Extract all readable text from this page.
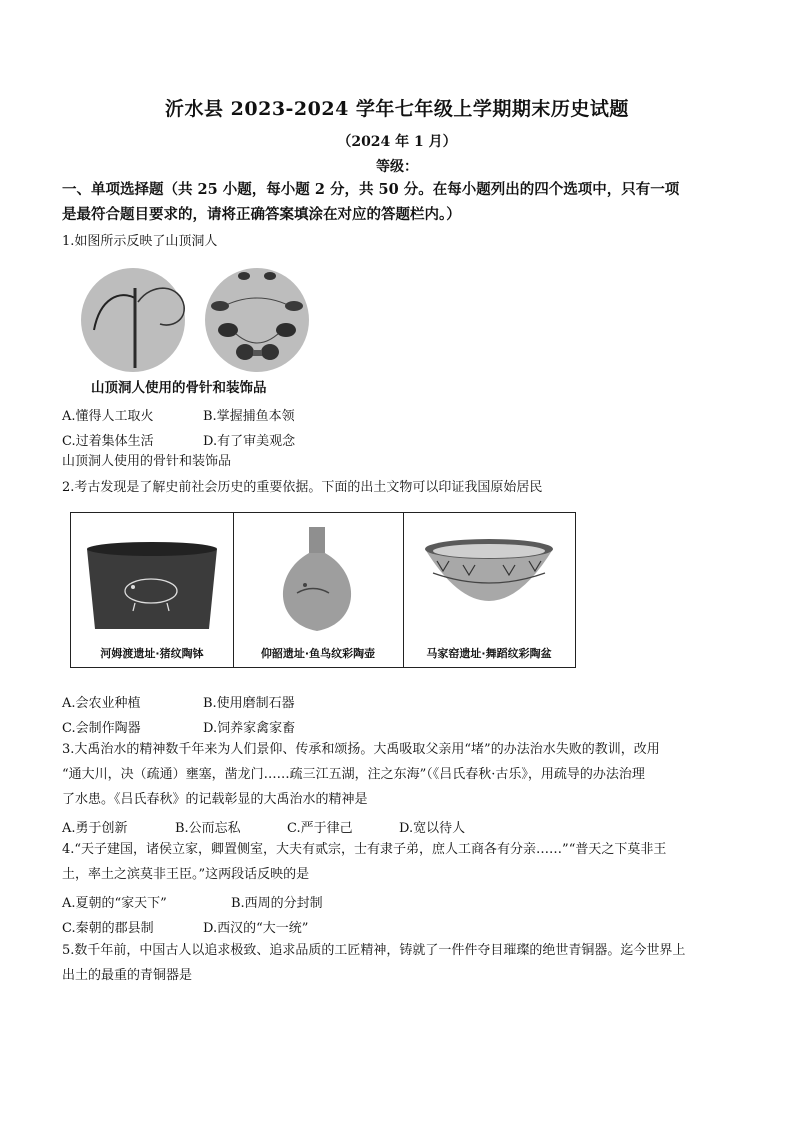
沂水县 2023-2024 学年七年级上学期期末历史试题
（2024 年 1 月）
等级：
一、单项选择题（共 25 小题，每小题 2 分，共 50 分。在每小题列出的四个选项中，只有一项
是最符合题目要求的，请将正确答案填涂在对应的答题栏内。）
1.如图所示反映了山顶洞人
山顶洞人使用的骨针和装饰品
A.懂得人工取火	B.掌握捕鱼本领
C.过着集体生活	D.有了审美观念
山顶洞人使用的骨针和装饰品
2.考古发现是了解史前社会历史的重要依据。下面的出土文物可以印证我国原始居民
河姆渡遗址·猪纹陶钵	仰韶遗址·鱼鸟纹彩陶壶	马家窑遗址·舞蹈纹彩陶盆
A.会农业种植	B.使用磨制石器
C.会制作陶器	D.饲养家禽家畜
3.大禹治水的精神数千年来为人们景仰、传承和颂扬。大禹吸取父亲用“堵”的办法治水失败的教训，改用
“通大川，决（疏通）壅塞，凿龙门……疏三江五湖，注之东海”（《吕氏春秋·古乐》，用疏导的办法治理
了水患。《吕氏春秋》的记载彰显的大禹治水的精神是
A.勇于创新	B.公而忘私	C.严于律己	D.宽以待人
4.“天子建国，诸侯立家，卿置侧室，大夫有贰宗，士有隶子弟，庶人工商各有分亲……”“普天之下莫非王
土，率土之滨莫非王臣。”这两段话反映的是
A.夏朝的“家天下”	B.西周的分封制
C.秦朝的郡县制	D.西汉的“大一统”
5.数千年前，中国古人以追求极致、追求品质的工匠精神，铸就了一件件夺目璀璨的绝世青铜器。迄今世界上
出土的最重的青铜器是
